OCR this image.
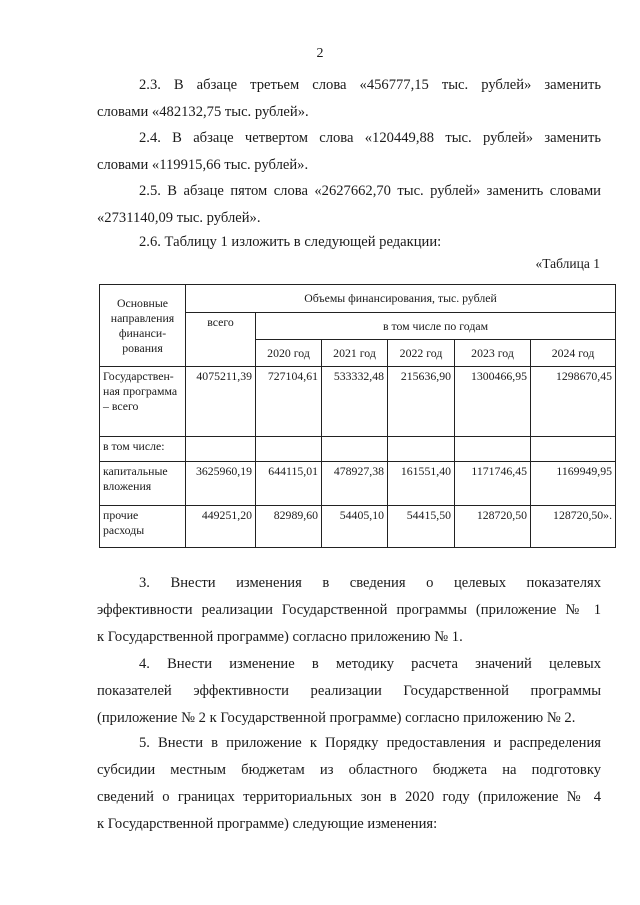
2

2.3. В абзаце третьем слова «456777,15 тыс. рублей» заменить
словами «482132,75 тыс. рублей».

2.4. В абзаце четвертом слова «120449,88 тыс. рублей» заменить
словами «119915,66 тыс. рублей».

2.5. В абзаце пятом слова «2627662,70 тыс. рублей» заменить словами
«2731140,09 тыс. рублей».

2.6. Таблицу 1 изложить в следующей редакции:

«Таблица 1
Основные направления финанси-рования	Объемы финансирования, тыс. рублей					
	всего	в том числе по годам				
		2020 год	2021 год	2022 год	2023 год	2024 год
Государствен-ная программа – всего	4075211,39	727104,61	533332,48	215636,90	1300466,95	1298670,45
в том числе:						
капитальные вложения	3625960,19	644115,01	478927,38	161551,40	1171746,45	1169949,95
прочие расходы	449251,20	82989,60	54405,10	54415,50	128720,50	128720,50».

3. Внести изменения в сведения о целевых показателях
эффективности реализации Государственной программы (приложение № 1
к Государственной программе) согласно приложению № 1.

4. Внести изменение в методику расчета значений целевых
показателей эффективности реализации Государственной программы
(приложение № 2 к Государственной программе) согласно приложению № 2.

5. Внести в приложение к Порядку предоставления и распределения
субсидии местным бюджетам из областного бюджета на подготовку
сведений о границах территориальных зон в 2020 году (приложение № 4
к Государственной программе) следующие изменения:
